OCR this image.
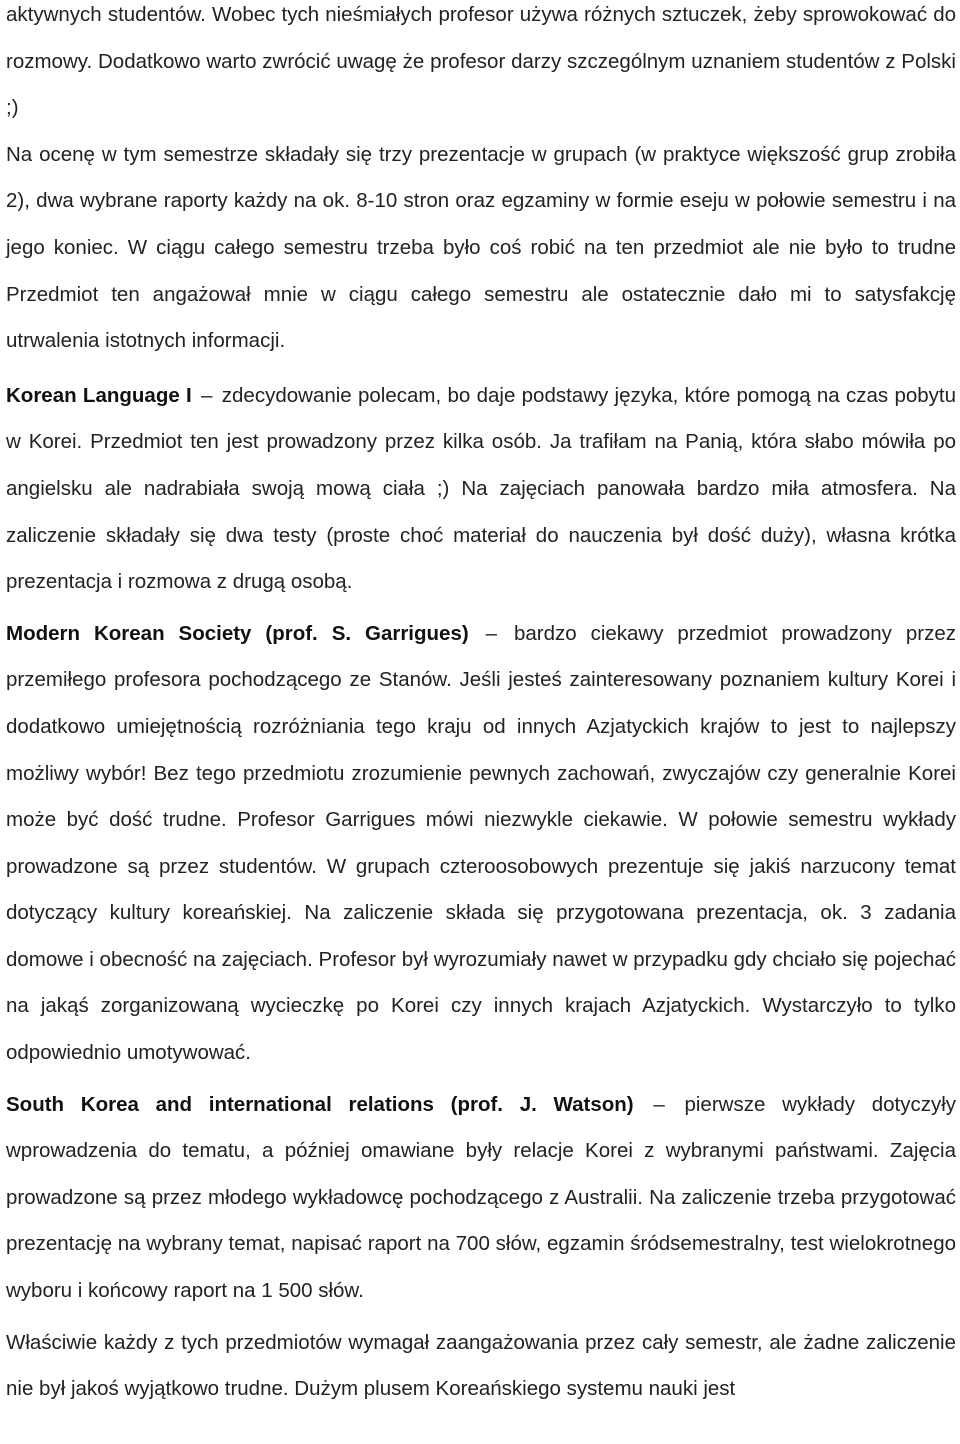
aktywnych studentów. Wobec tych nieśmiałych profesor używa różnych sztuczek, żeby sprowokować do rozmowy. Dodatkowo warto zwrócić uwagę że profesor darzy szczególnym uznaniem studentów z Polski ;)

Na ocenę w tym semestrze składały się trzy prezentacje w grupach (w praktyce większość grup zrobiła 2), dwa wybrane raporty każdy na ok. 8-10 stron oraz egzaminy w formie eseju w połowie semestru i na jego koniec. W ciągu całego semestru trzeba było coś robić na ten przedmiot ale nie było to trudne Przedmiot ten angażował mnie w ciągu całego semestru ale ostatecznie dało mi to satysfakcję utrwalenia istotnych informacji.

Korean Language I – zdecydowanie polecam, bo daje podstawy języka, które pomogą na czas pobytu w Korei. Przedmiot ten jest prowadzony przez kilka osób. Ja trafiłam na Panią, która słabo mówiła po angielsku ale nadrabiała swoją mową ciała ;) Na zajęciach panowała bardzo miła atmosfera. Na zaliczenie składały się dwa testy (proste choć materiał do nauczenia był dość duży), własna krótka prezentacja i rozmowa z drugą osobą.

Modern Korean Society (prof. S. Garrigues) – bardzo ciekawy przedmiot prowadzony przez przemiłego profesora pochodzącego ze Stanów. Jeśli jesteś zainteresowany poznaniem kultury Korei i dodatkowo umiejętnością rozróżniania tego kraju od innych Azjatyckich krajów to jest to najlepszy możliwy wybór! Bez tego przedmiotu zrozumienie pewnych zachowań, zwyczajów czy generalnie Korei może być dość trudne. Profesor Garrigues mówi niezwykle ciekawie. W połowie semestru wykłady prowadzone są przez studentów. W grupach czteroosobowych prezentuje się jakiś narzucony temat dotyczący kultury koreańskiej. Na zaliczenie składa się przygotowana prezentacja, ok. 3 zadania domowe i obecność na zajęciach. Profesor był wyrozumiały nawet w przypadku gdy chciało się pojechać na jakąś zorganizowaną wycieczkę po Korei czy innych krajach Azjatyckich. Wystarczyło to tylko odpowiednio umotywować.

South Korea and international relations (prof. J. Watson) – pierwsze wykłady dotyczyły wprowadzenia do tematu, a później omawiane były relacje Korei z wybranymi państwami. Zajęcia prowadzone są przez młodego wykładowcę pochodzącego z Australii. Na zaliczenie trzeba przygotować prezentację na wybrany temat, napisać raport na 700 słów, egzamin śródsemestralny, test wielokrotnego wyboru i końcowy raport na 1 500 słów.

Właściwie każdy z tych przedmiotów wymagał zaangażowania przez cały semestr, ale żadne zaliczenie nie był jakoś wyjątkowo trudne. Dużym plusem Koreańskiego systemu nauki jest
